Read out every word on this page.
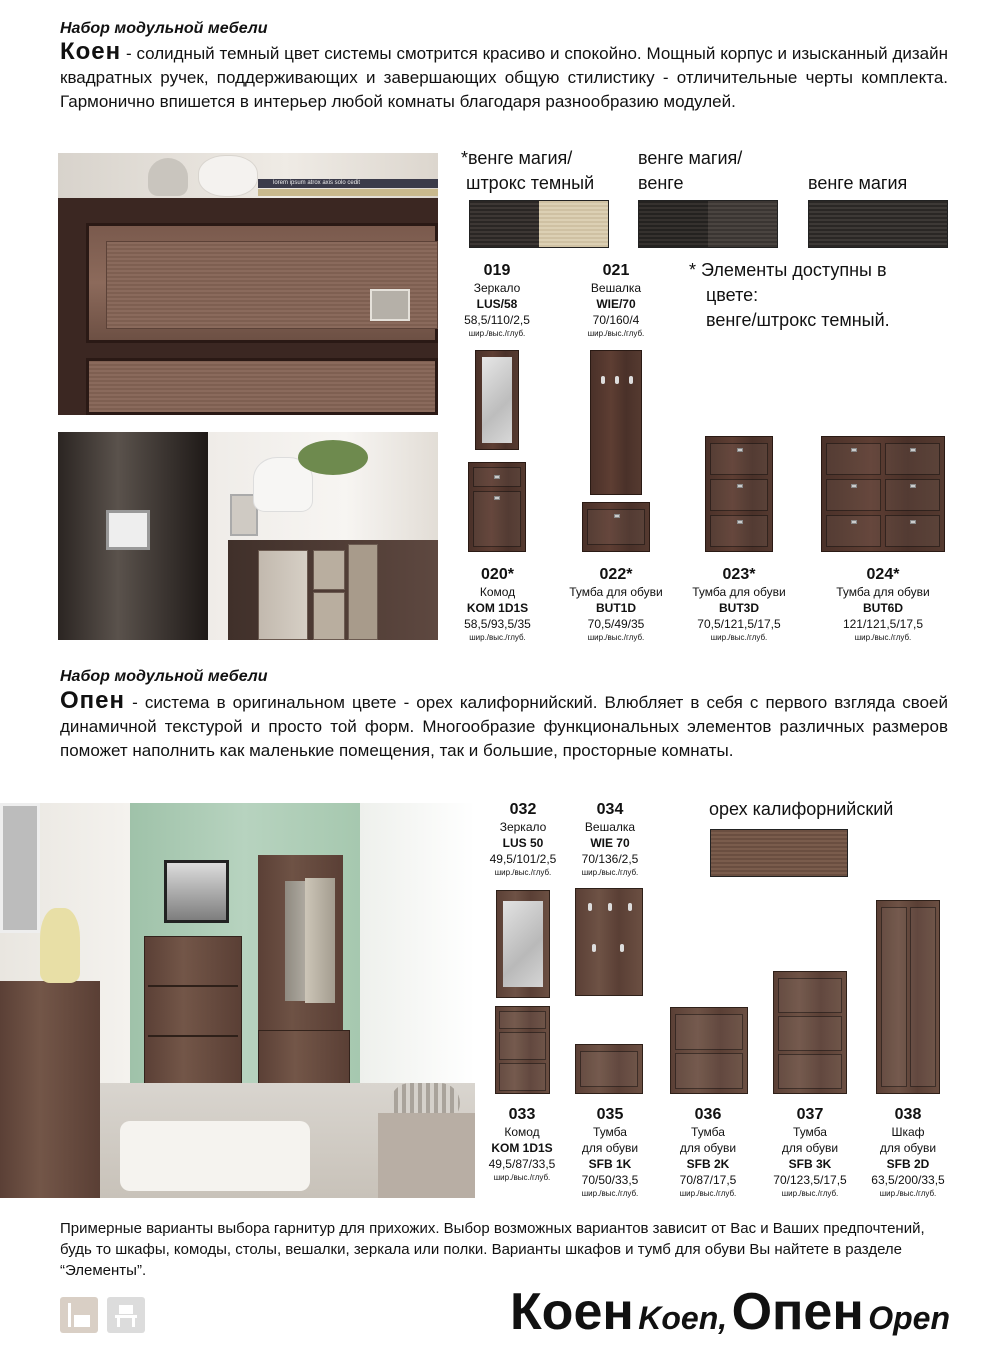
Набор модульной мебели
Коен - солидный темный цвет системы смотрится красиво и спокойно. Мощный корпус и изысканный дизайн квадратных ручек, поддерживающих и завершающих общую стилистику - отличительные черты комплекта. Гармонично впишется в интерьер любой комнаты благодаря разнообразию модулей.
lorem ipsum atrox axis solo cedit
*венге магия/
штрокс темный
венге магия/
венге	венге магия
019
Зеркало
LUS/58
58,5/110/2,5
шир./выс./глуб.
021
Вешалка
WIE/70
70/160/4
шир./выс./глуб.
* Элементы доступны в
цвете:
венге/штрокс темный.
020*
Комод
KOM 1D1S
58,5/93,5/35
шир./выс./глуб.
022*
Тумба для обуви
BUT1D
70,5/49/35
шир./выс./глуб.
023*
Тумба для обуви
BUT3D
70,5/121,5/17,5
шир./выс./глуб.
024*
Тумба для обуви
BUT6D
121/121,5/17,5
шир./выс./глуб.
Набор модульной мебели
Опен - система в оригинальном цвете - орех калифорнийский. Влюбляет в себя с первого взгляда своей динамичной текстурой и просто той форм. Многообразие функциональных элементов различных размеров поможет наполнить как маленькие помещения, так и большие, просторные комнаты.
032
Зеркало
LUS 50
49,5/101/2,5
шир./выс./глуб.
034
Вешалка
WIE 70
70/136/2,5
шир./выс./глуб.
орех калифорнийский
033
Комод
KOM 1D1S
49,5/87/33,5
шир./выс./глуб.
035
Тумба
для обуви
SFB 1K
70/50/33,5
шир./выс./глуб.
036
Тумба
для обуви
SFB 2K
70/87/17,5
шир./выс./глуб.
037
Тумба
для обуви
SFB 3K
70/123,5/17,5
шир./выс./глуб.
038
Шкаф
для обуви
SFB 2D
63,5/200/33,5
шир./выс./глуб.
Примерные варианты выбора гарнитур для прихожих. Выбор возможных вариантов зависит от Вас и Ваших предпочтений, будь то шкафы, комоды, столы, вешалки, зеркала или полки. Варианты шкафов и тумб для обуви Вы найтете в разделе “Элементы”.
Коен Koen, Опен Open
